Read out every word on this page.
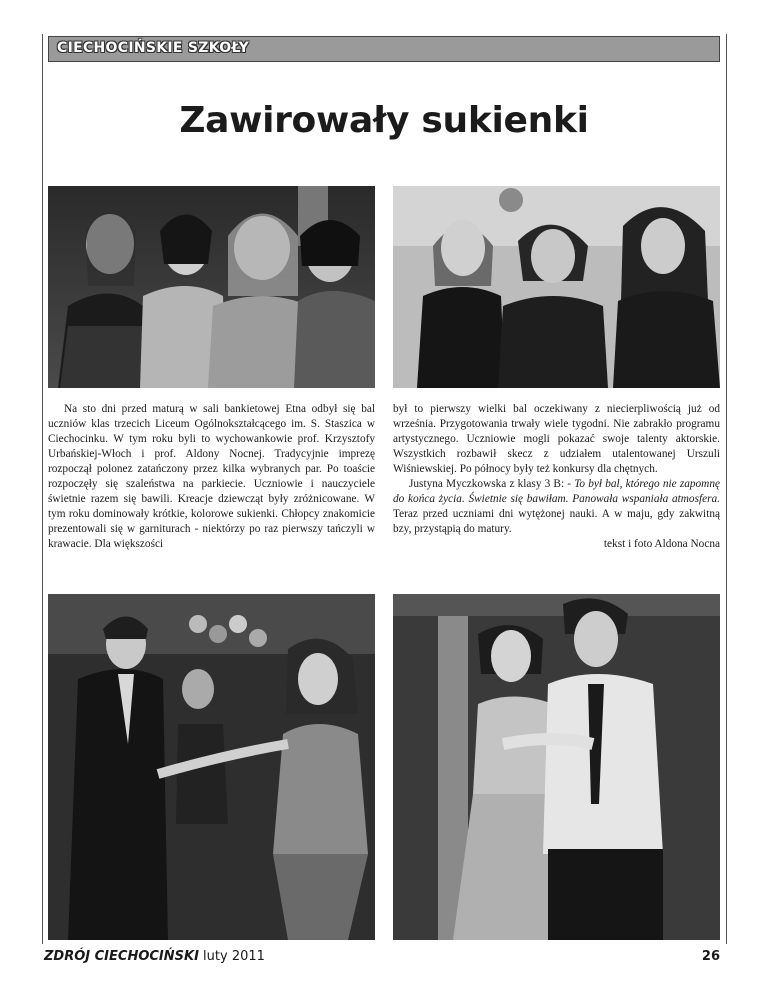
CIECHOCIŃSKIE SZKOŁY
Zawirowały sukienki

Na sto dni przed maturą w sali bankietowej Etna odbył się bal uczniów klas trzecich Liceum Ogólnokształcącego im. S. Staszica w Ciechocinku. W tym roku byli to wychowankowie prof. Krzysztofy Urbańskiej-Włoch i prof. Aldony Nocnej. Tradycyjnie imprezę rozpoczął polonez zatańczony przez kilka wybranych par. Po toaście rozpoczęły się szaleństwa na parkiecie. Uczniowie i nauczyciele świetnie razem się bawili. Kreacje dziewcząt były zróżnicowane. W tym roku dominowały krótkie, kolorowe sukienki. Chłopcy znakomicie prezentowali się w garniturach - niektórzy po raz pierwszy tańczyli w krawacie. Dla większości

był to pierwszy wielki bal oczekiwany z niecierpliwością już od września. Przygotowania trwały wiele tygodni. Nie zabrakło programu artystycznego. Uczniowie mogli pokazać swoje talenty aktorskie. Wszystkich rozbawił skecz z udziałem utalentowanej Urszuli Wiśniewskiej. Po północy były też konkursy dla chętnych.

Justyna Myczkowska z klasy 3 B: - To był bal, którego nie zapomnę do końca życia. Świetnie się bawiłam. Panowała wspaniała atmosfera. Teraz przed uczniami dni wytężonej nauki. A w maju, gdy zakwitną bzy, przystąpią do matury.

tekst i foto Aldona Nocna

ZDRÓJ CIECHOCIŃSKI luty 2011	26
